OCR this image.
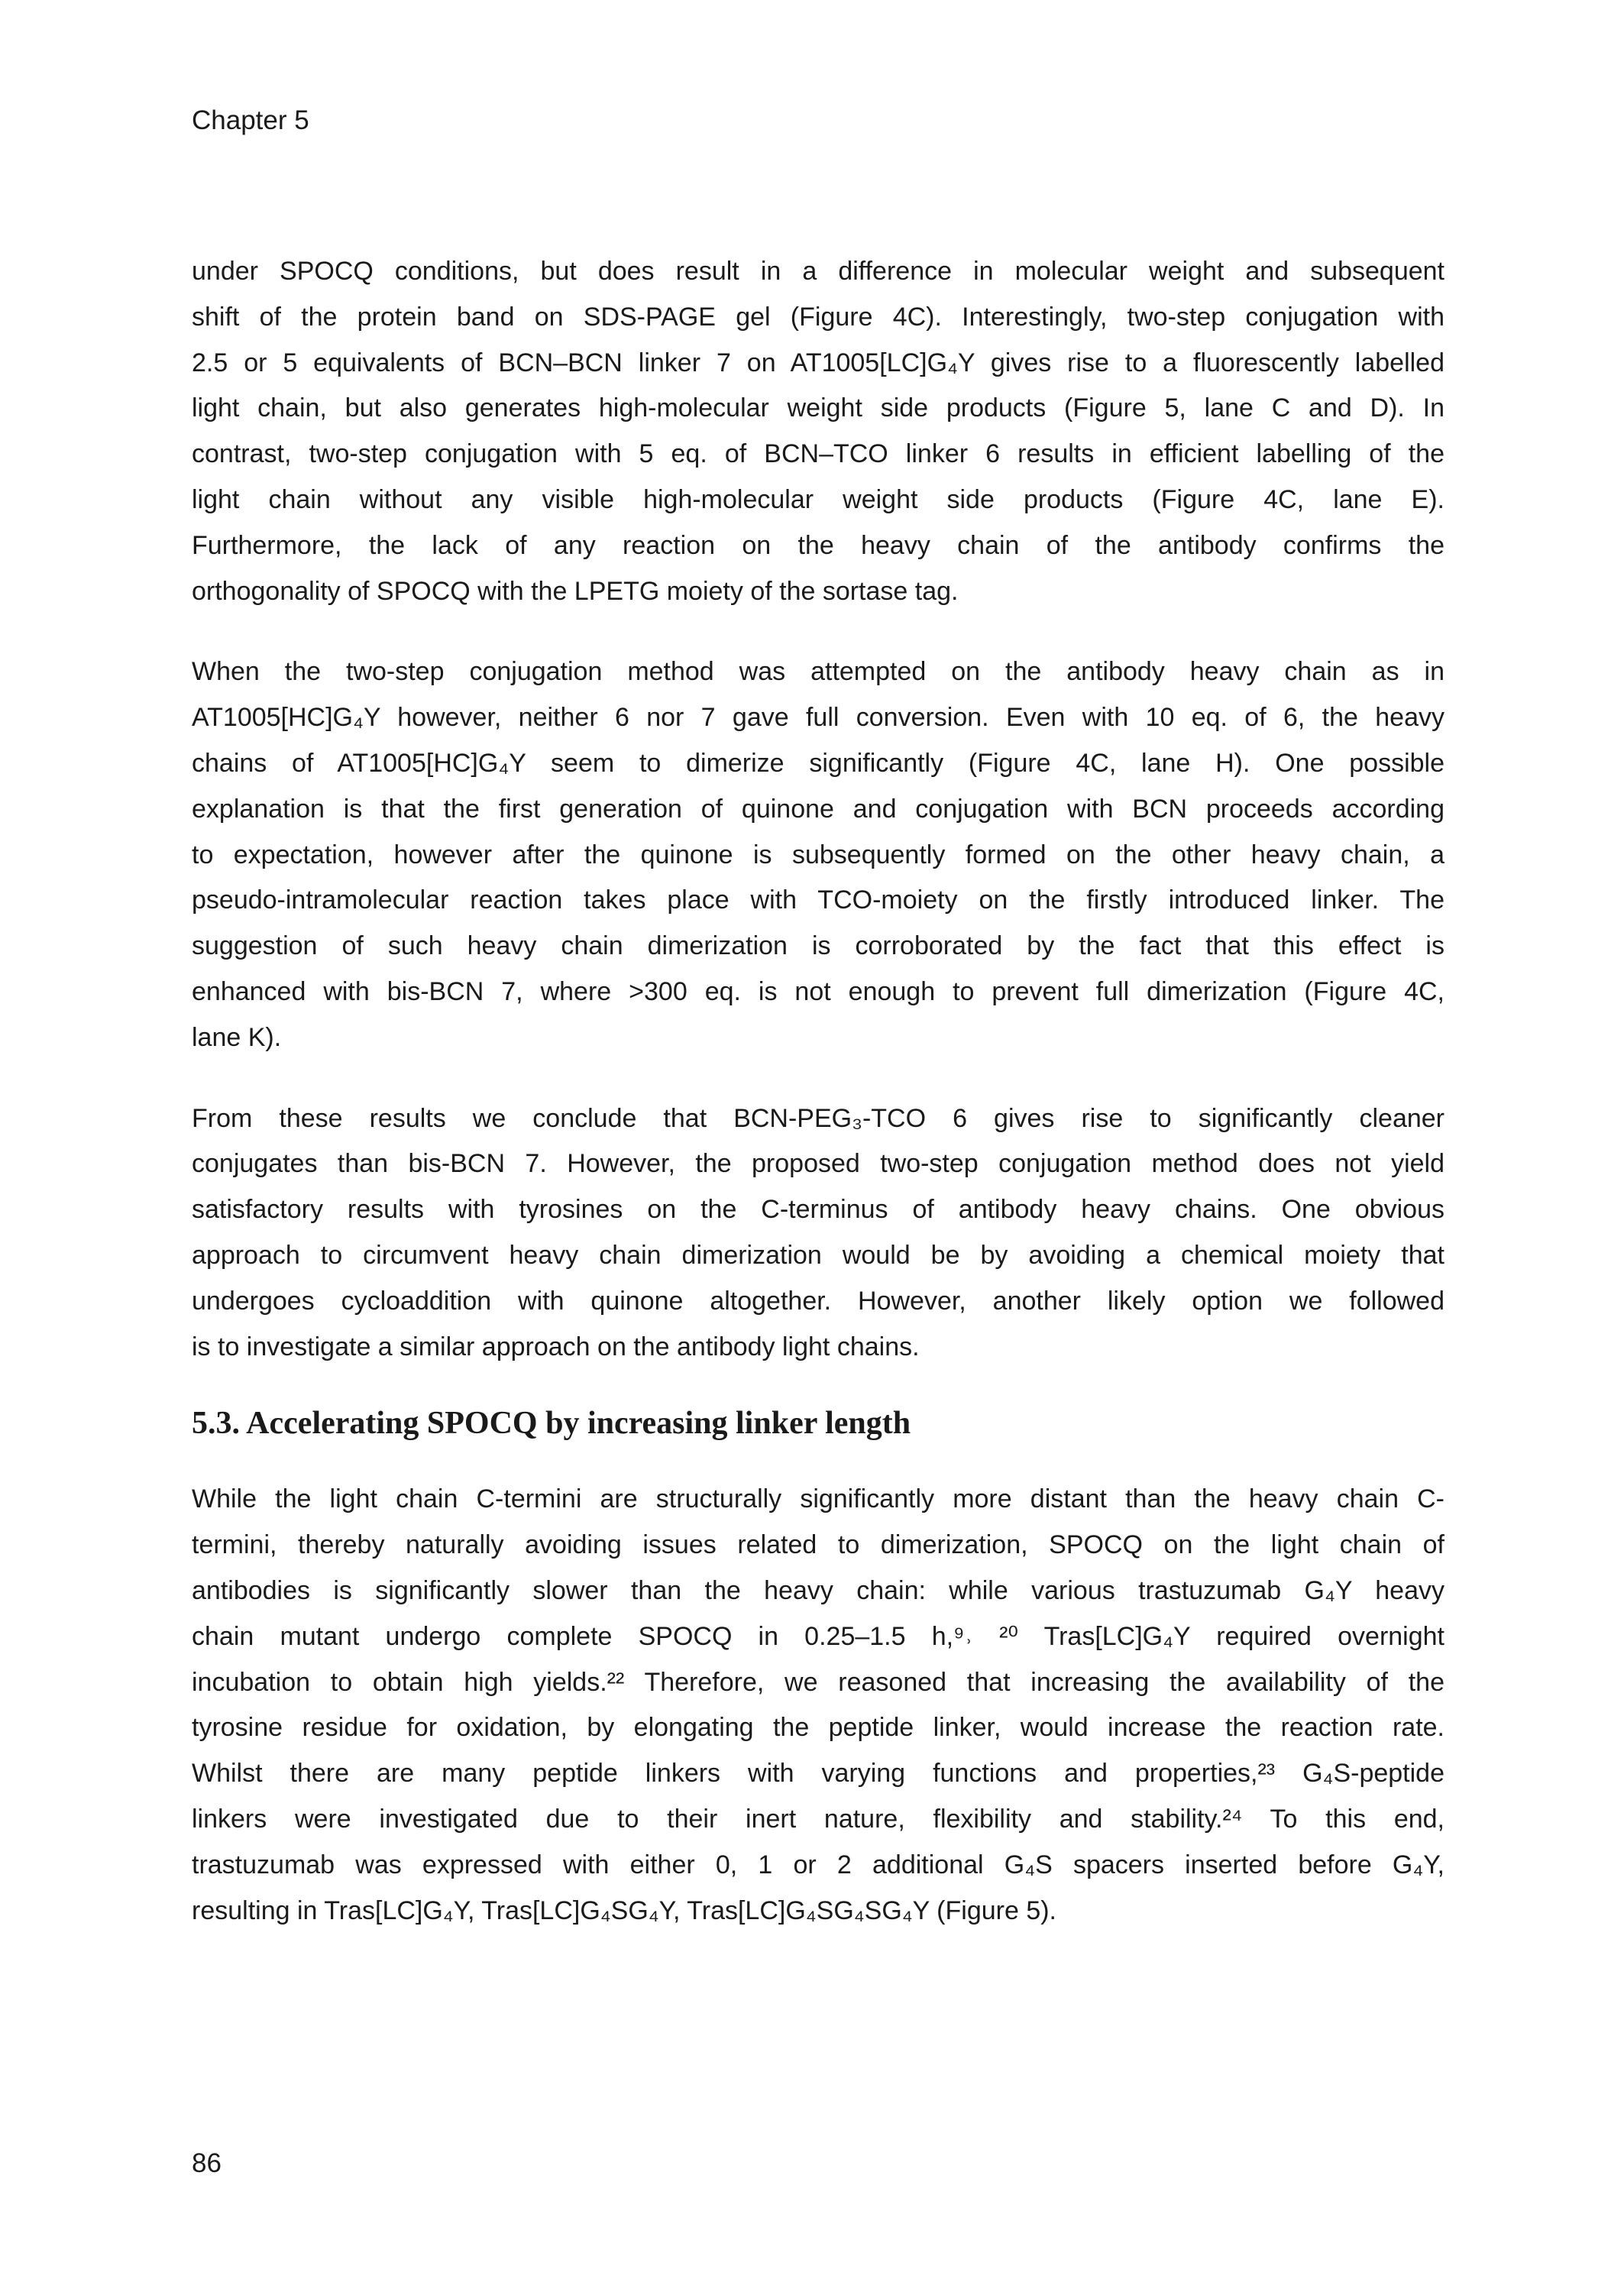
Chapter 5
under SPOCQ conditions, but does result in a difference in molecular weight and subsequent
shift of the protein band on SDS-PAGE gel (Figure 4C). Interestingly, two-step conjugation with
2.5 or 5 equivalents of BCN–BCN linker 7 on AT1005[LC]G₄Y gives rise to a fluorescently labelled
light chain, but also generates high-molecular weight side products (Figure 5, lane C and D). In
contrast, two-step conjugation with 5 eq. of BCN–TCO linker 6 results in efficient labelling of the
light chain without any visible high-molecular weight side products (Figure 4C, lane E).
Furthermore, the lack of any reaction on the heavy chain of the antibody confirms the
orthogonality of SPOCQ with the LPETG moiety of the sortase tag.
When the two-step conjugation method was attempted on the antibody heavy chain as in
AT1005[HC]G₄Y however, neither 6 nor 7 gave full conversion. Even with 10 eq. of 6, the heavy
chains of AT1005[HC]G₄Y seem to dimerize significantly (Figure 4C, lane H). One possible
explanation is that the first generation of quinone and conjugation with BCN proceeds according
to expectation, however after the quinone is subsequently formed on the other heavy chain, a
pseudo-intramolecular reaction takes place with TCO-moiety on the firstly introduced linker. The
suggestion of such heavy chain dimerization is corroborated by the fact that this effect is
enhanced with bis-BCN 7, where >300 eq. is not enough to prevent full dimerization (Figure 4C,
lane K).
From these results we conclude that BCN-PEG₃-TCO 6 gives rise to significantly cleaner
conjugates than bis-BCN 7. However, the proposed two-step conjugation method does not yield
satisfactory results with tyrosines on the C-terminus of antibody heavy chains. One obvious
approach to circumvent heavy chain dimerization would be by avoiding a chemical moiety that
undergoes cycloaddition with quinone altogether. However, another likely option we followed
is to investigate a similar approach on the antibody light chains.
5.3. Accelerating SPOCQ by increasing linker length
While the light chain C-termini are structurally significantly more distant than the heavy chain C-
termini, thereby naturally avoiding issues related to dimerization, SPOCQ on the light chain of
antibodies is significantly slower than the heavy chain: while various trastuzumab G₄Y heavy
chain mutant undergo complete SPOCQ in 0.25–1.5 h,⁹˒ ²⁰ Tras[LC]G₄Y required overnight
incubation to obtain high yields.²² Therefore, we reasoned that increasing the availability of the
tyrosine residue for oxidation, by elongating the peptide linker, would increase the reaction rate.
Whilst there are many peptide linkers with varying functions and properties,²³ G₄S-peptide
linkers were investigated due to their inert nature, flexibility and stability.²⁴ To this end,
trastuzumab was expressed with either 0, 1 or 2 additional G₄S spacers inserted before G₄Y,
resulting in Tras[LC]G₄Y, Tras[LC]G₄SG₄Y, Tras[LC]G₄SG₄SG₄Y (Figure 5).
86
